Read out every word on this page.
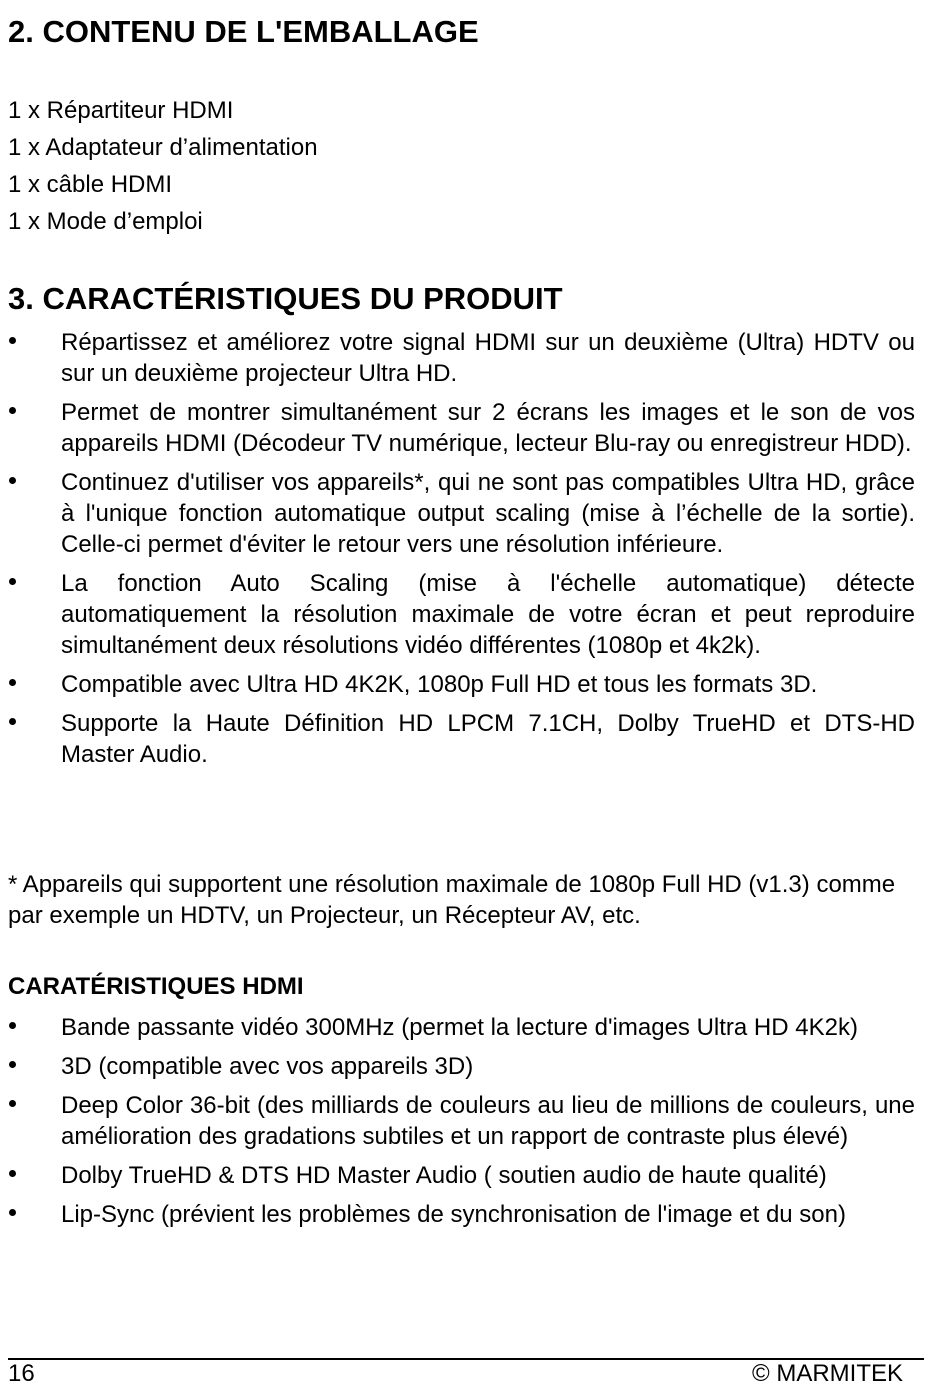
2. CONTENU DE L'EMBALLAGE
1 x Répartiteur HDMI
1 x Adaptateur d’alimentation
1 x câble HDMI
1 x Mode d’emploi
3. CARACTÉRISTIQUES DU PRODUIT
Répartissez et améliorez votre signal HDMI sur un deuxième (Ultra) HDTV ou sur un deuxième projecteur Ultra HD.
Permet de montrer simultanément sur 2 écrans les images et le son de vos appareils HDMI (Décodeur TV numérique, lecteur Blu-ray ou enregistreur HDD).
Continuez d'utiliser vos appareils*, qui ne sont pas compatibles Ultra HD, grâce à l'unique fonction automatique output scaling (mise à l’échelle de la sortie). Celle-ci permet d'éviter le retour vers une résolution inférieure.
La fonction Auto Scaling (mise à l'échelle automatique) détecte automatiquement la résolution maximale de votre écran et peut reproduire simultanément deux résolutions vidéo différentes (1080p et 4k2k).
Compatible avec Ultra HD 4K2K, 1080p Full HD et tous les formats 3D.
Supporte la Haute Définition HD LPCM 7.1CH, Dolby TrueHD et DTS-HD Master Audio.
* Appareils qui supportent une résolution maximale de 1080p Full HD (v1.3) comme par exemple un HDTV, un Projecteur, un Récepteur AV, etc.
CARATÉRISTIQUES HDMI
Bande passante vidéo 300MHz (permet la lecture d'images Ultra HD 4K2k)
3D (compatible avec vos appareils 3D)
Deep Color 36-bit (des milliards de couleurs au lieu de millions de couleurs, une amélioration des gradations subtiles et un rapport de contraste plus élevé)
Dolby TrueHD & DTS HD Master Audio ( soutien audio de haute qualité)
Lip-Sync (prévient les problèmes de synchronisation de l'image et du son)
16	© MARMITEK
